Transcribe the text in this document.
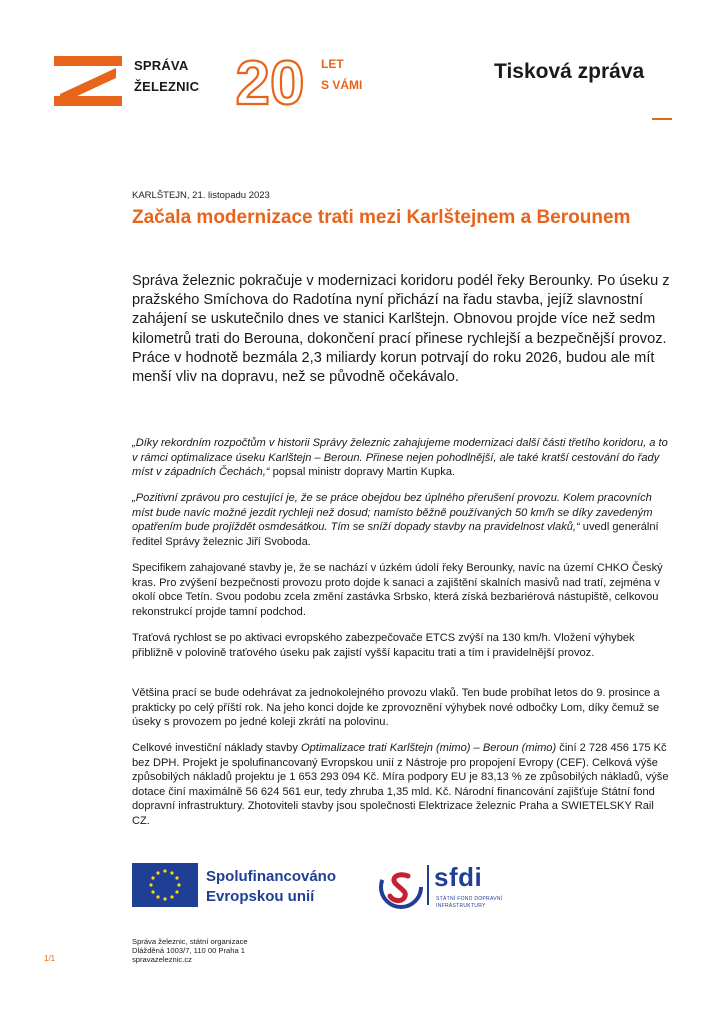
SPRÁVA
ŽELEZNIC 20 LET
S VÁMI
Tisková zpráva
KARLŠTEJN, 21. listopadu 2023
Začala modernizace trati mezi Karlštejnem a Berounem

Správa železnic pokračuje v modernizaci koridoru podél řeky Berounky. Po úseku z pražského Smíchova do Radotína nyní přichází na řadu stavba, jejíž slavnostní zahájení se uskutečnilo dnes ve stanici Karlštejn. Obnovou projde více než sedm kilometrů trati do Berouna, dokončení prací přinese rychlejší a bezpečnější provoz. Práce v hodnotě bezmála 2,3 miliardy korun potrvají do roku 2026, budou ale mít menší vliv na dopravu, než se původně očekávalo.

„Díky rekordním rozpočtům v historii Správy železnic zahajujeme modernizaci další části třetího koridoru, a to v rámci optimalizace úseku Karlštejn – Beroun. Přinese nejen pohodlnější, ale také kratší cestování do řady míst v západních Čechách,“ popsal ministr dopravy Martin Kupka.

„Pozitivní zprávou pro cestující je, že se práce obejdou bez úplného přerušení provozu. Kolem pracovních míst bude navíc možné jezdit rychleji než dosud; namísto běžně používaných 50 km/h se díky zavedeným opatřením bude projíždět osmdesátkou. Tím se sníží dopady stavby na pravidelnost vlaků,“ uvedl generální ředitel Správy železnic Jiří Svoboda.

Specifikem zahajované stavby je, že se nachází v úzkém údolí řeky Berounky, navíc na území CHKO Český kras. Pro zvýšení bezpečnosti provozu proto dojde k sanaci a zajištění skalních masivů nad tratí, zejména v okolí obce Tetín. Svou podobu zcela změní zastávka Srbsko, která získá bezbariérová nástupiště, celkovou rekonstrukcí projde tamní podchod.

Traťová rychlost se po aktivaci evropského zabezpečovače ETCS zvýší na 130 km/h. Vložení výhybek přibližně v polovině traťového úseku pak zajistí vyšší kapacitu trati a tím i pravidelnější provoz.

Většina prací se bude odehrávat za jednokolejného provozu vlaků. Ten bude probíhat letos do 9. prosince a prakticky po celý příští rok. Na jeho konci dojde ke zprovoznění výhybek nové odbočky Lom, díky čemuž se úseky s provozem po jedné koleji zkrátí na polovinu.

Celkové investiční náklady stavby Optimalizace trati Karlštejn (mimo) – Beroun (mimo) činí 2 728 456 175 Kč bez DPH. Projekt je spolufinancovaný Evropskou unií z Nástroje pro propojení Evropy (CEF). Celková výše způsobilých nákladů projektu je 1 653 293 094 Kč. Míra podpory EU je 83,13 % ze způsobilých nákladů, výše dotace činí maximálně 56 624 561 eur, tedy zhruba 1,35 mld. Kč. Národní financování zajišťuje Státní fond dopravní infrastruktury. Zhotoviteli stavby jsou společnosti Elektrizace železnic Praha a SWIETELSKY Rail CZ.

Spolufinancováno
Evropskou unií
sfdi
STÁTNÍ FOND DOPRAVNÍ
INFRASTRUKTURY
Správa železnic, státní organizace
Dlážděná 1003/7, 110 00 Praha 1
spravazeleznic.cz
1/1
